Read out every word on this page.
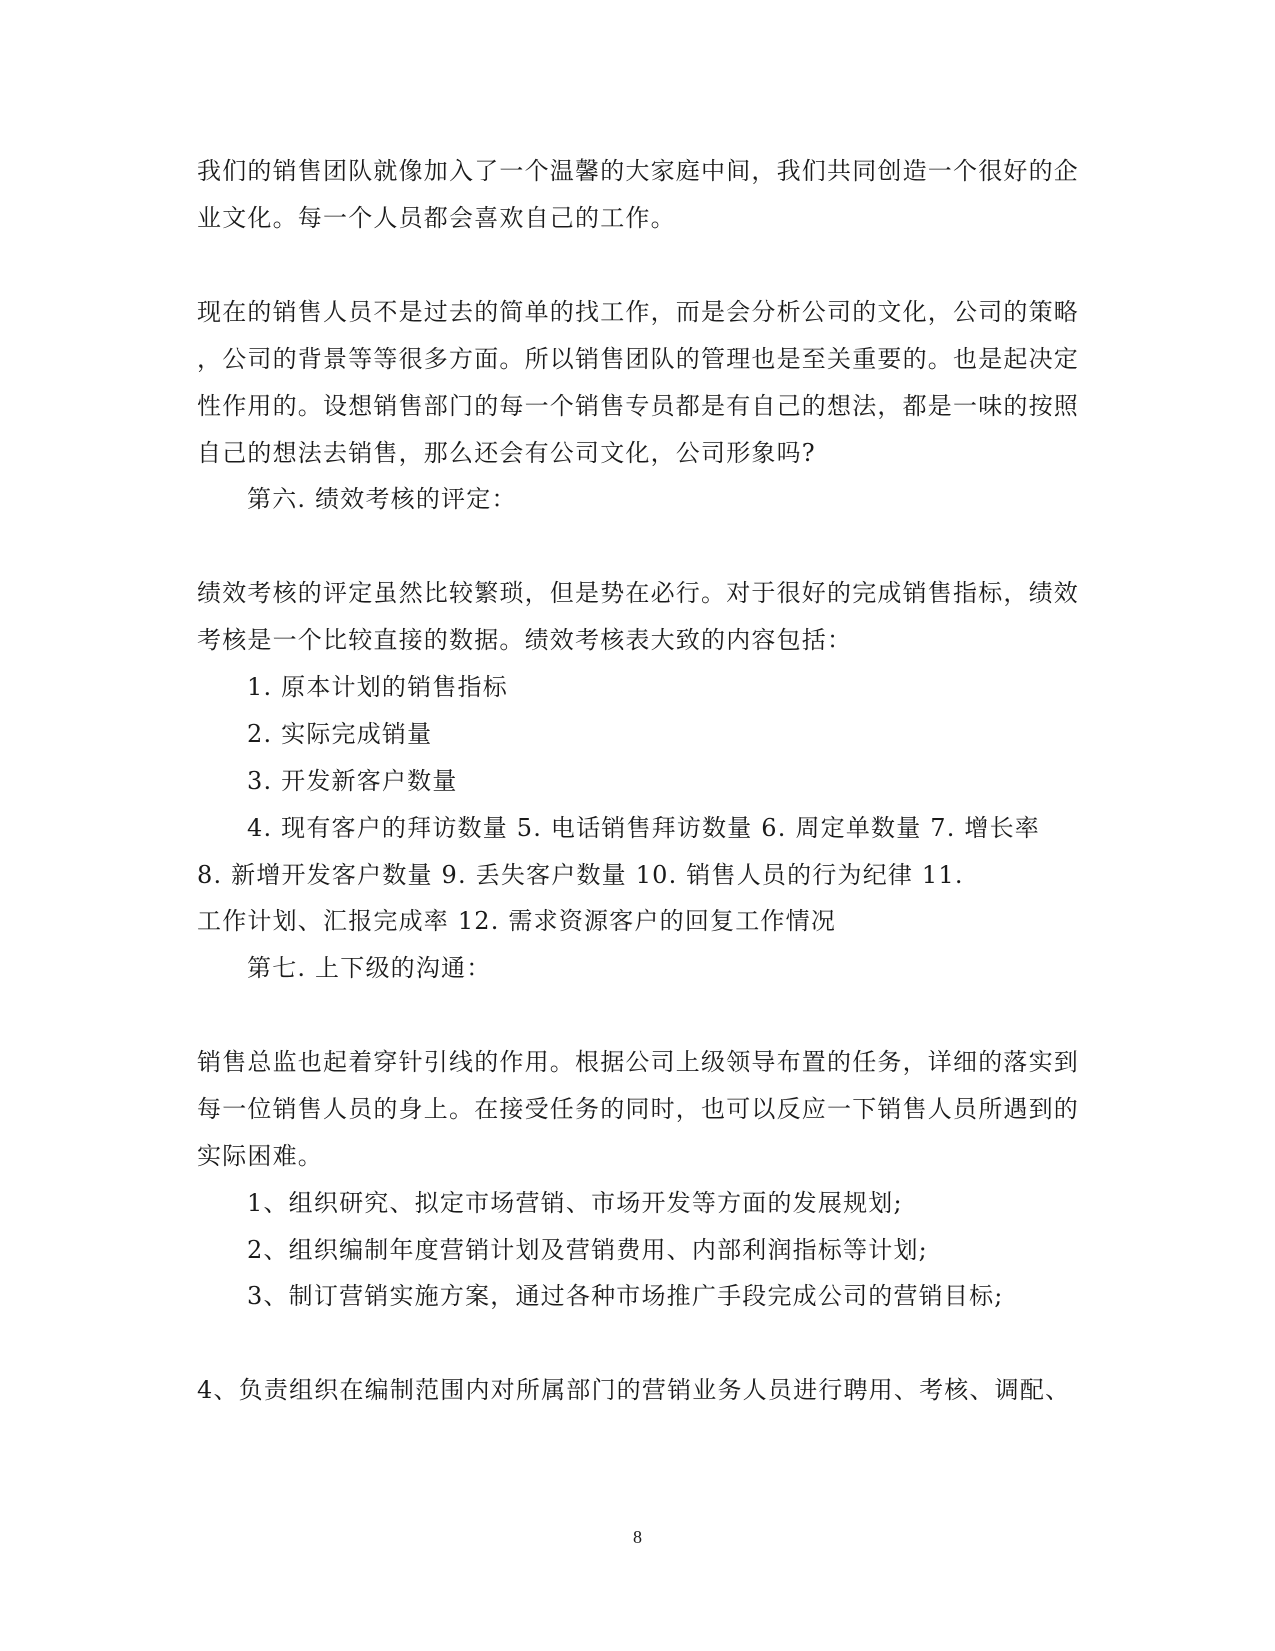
我们的销售团队就像加入了一个温馨的大家庭中间，我们共同创造一个很好的企
业文化。每一个人员都会喜欢自己的工作。
现在的销售人员不是过去的简单的找工作，而是会分析公司的文化，公司的策略
，公司的背景等等很多方面。所以销售团队的管理也是至关重要的。也是起决定
性作用的。设想销售部门的每一个销售专员都是有自己的想法，都是一味的按照
自己的想法去销售，那么还会有公司文化，公司形象吗?
第六. 绩效考核的评定：
绩效考核的评定虽然比较繁琐，但是势在必行。对于很好的完成销售指标，绩效
考核是一个比较直接的数据。绩效考核表大致的内容包括：
1. 原本计划的销售指标
2. 实际完成销量
3. 开发新客户数量
4. 现有客户的拜访数量 5. 电话销售拜访数量 6. 周定单数量 7. 增长率
8. 新增开发客户数量 9. 丢失客户数量 10. 销售人员的行为纪律 11.
工作计划、汇报完成率 12. 需求资源客户的回复工作情况
第七. 上下级的沟通：
销售总监也起着穿针引线的作用。根据公司上级领导布置的任务，详细的落实到
每一位销售人员的身上。在接受任务的同时，也可以反应一下销售人员所遇到的
实际困难。
1、组织研究、拟定市场营销、市场开发等方面的发展规划;
2、组织编制年度营销计划及营销费用、内部利润指标等计划;
3、制订营销实施方案，通过各种市场推广手段完成公司的营销目标;
4、负责组织在编制范围内对所属部门的营销业务人员进行聘用、考核、调配、
8
